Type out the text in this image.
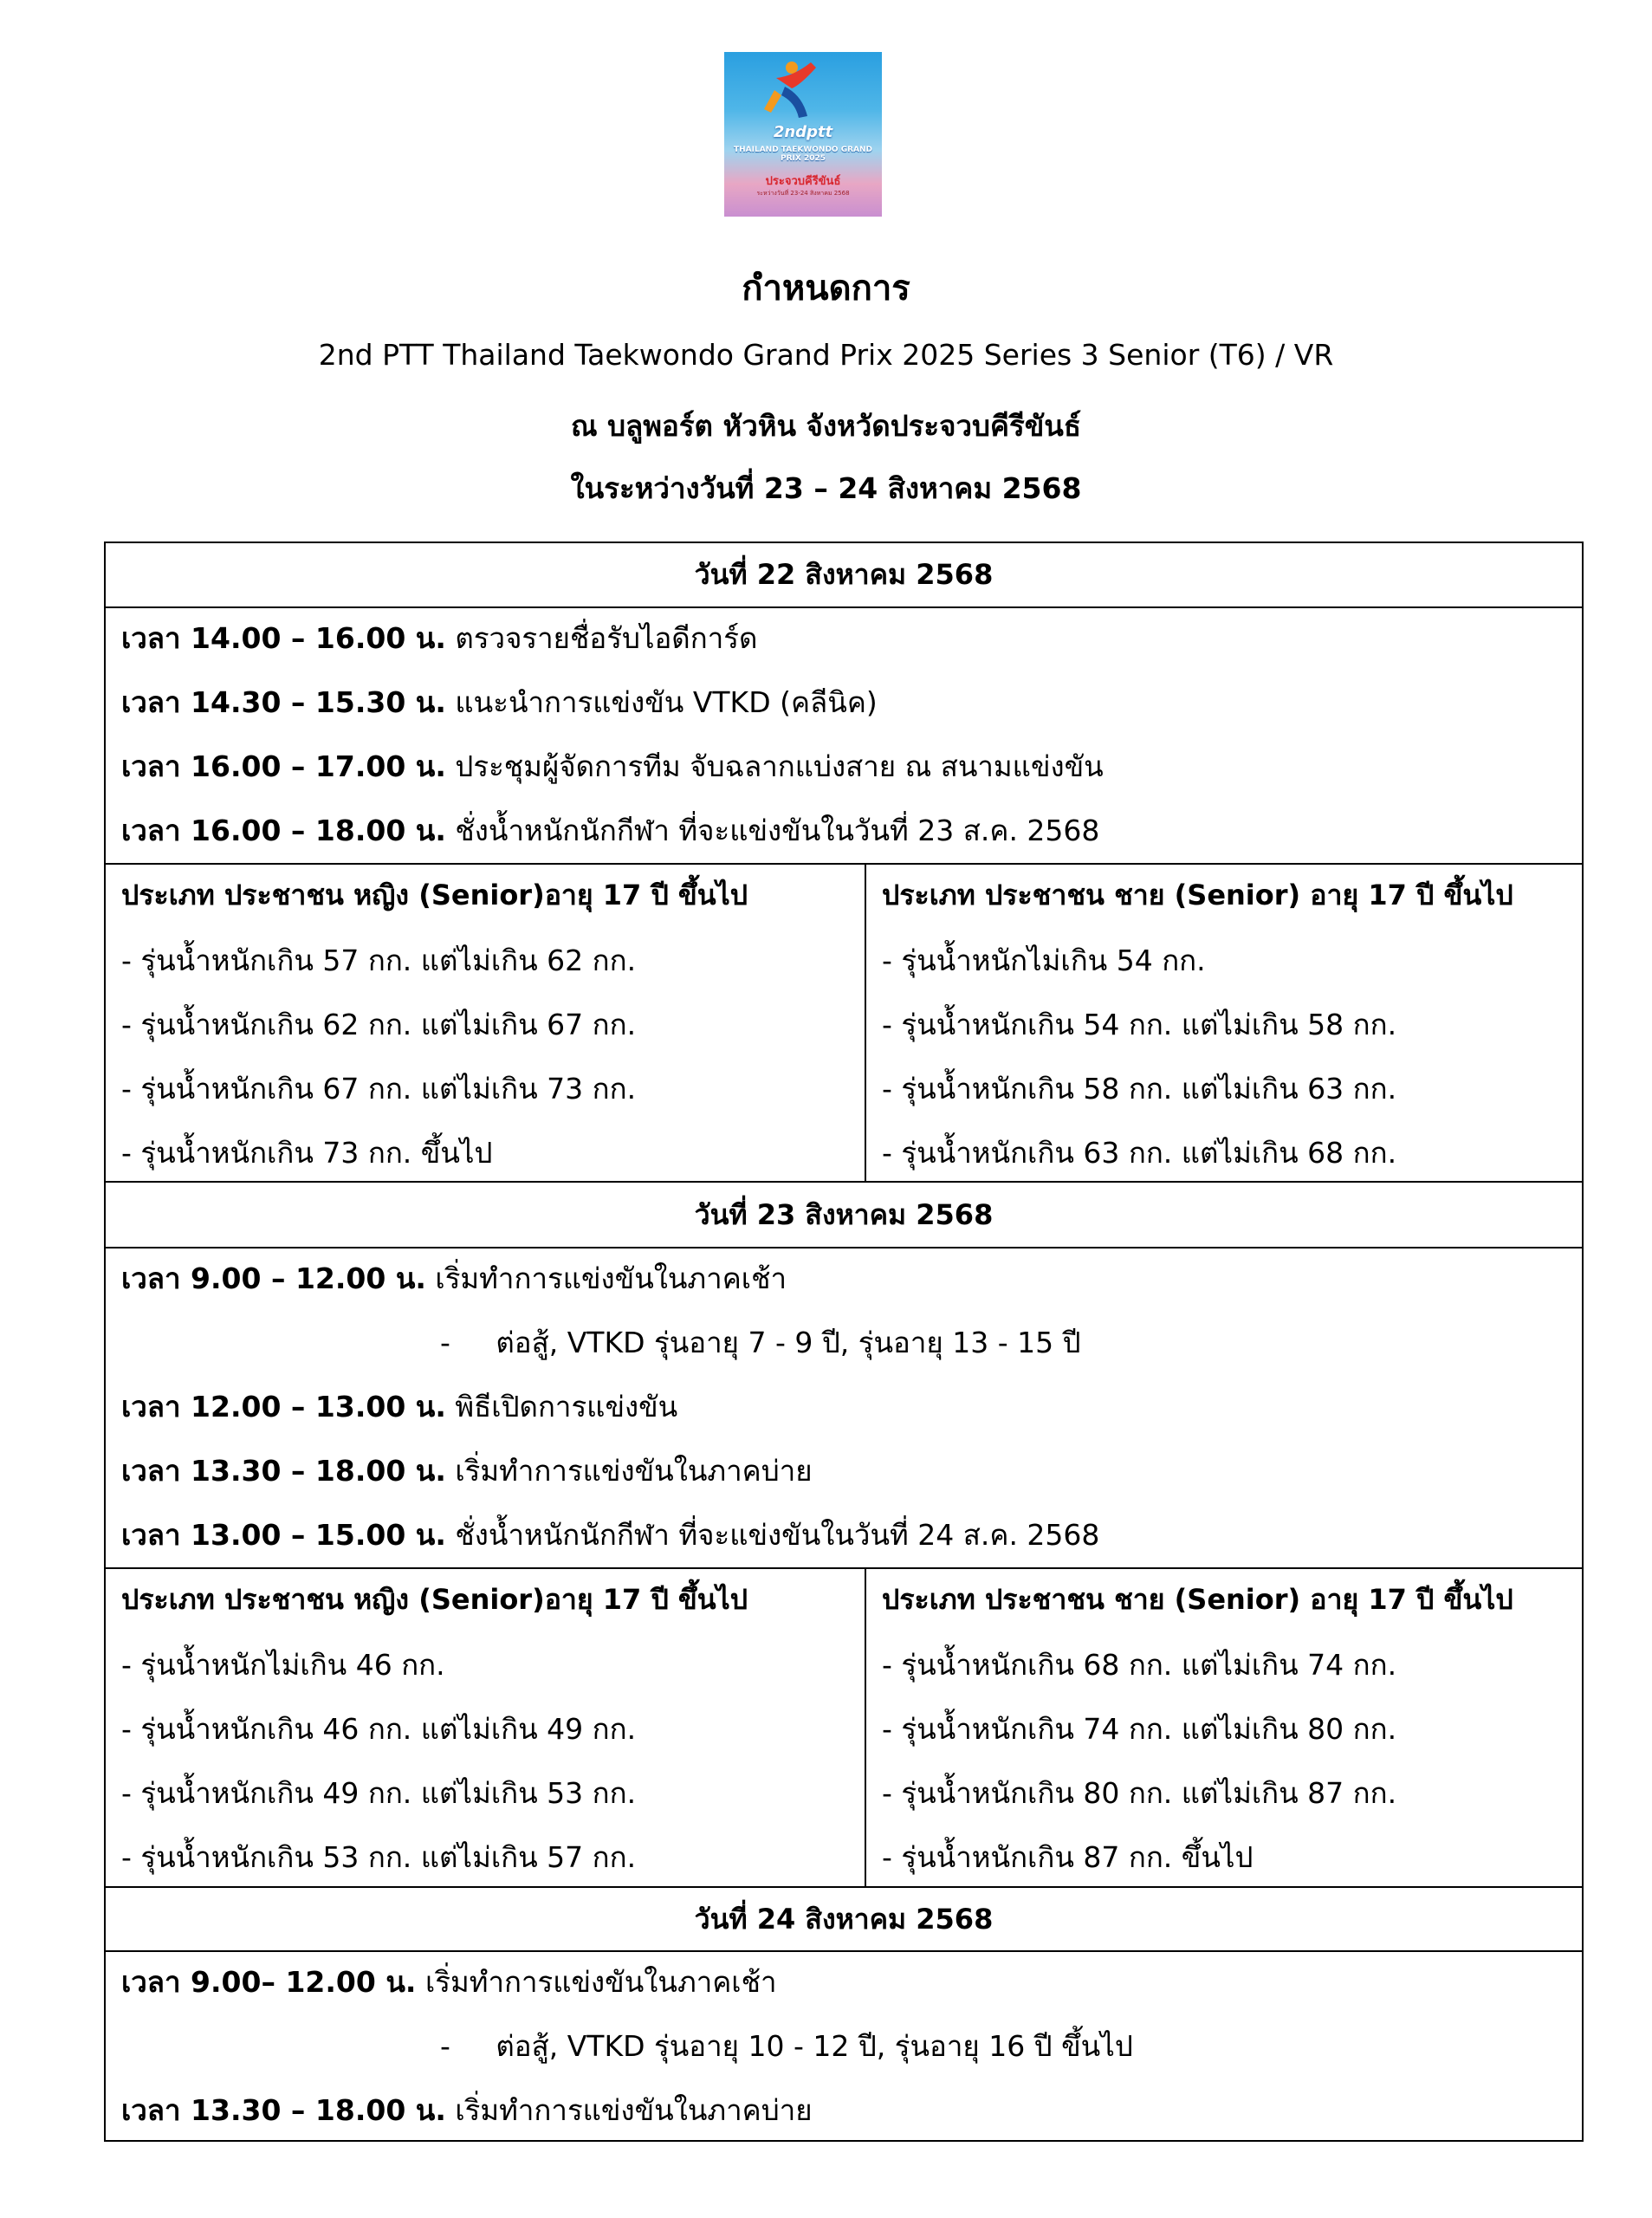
2ndptt
THAILAND TAEKWONDO GRAND PRIX 2025
ประจวบคีรีขันธ์
ระหว่างวันที่ 23-24 สิงหาคม 2568
กำหนดการ
2nd PTT Thailand Taekwondo Grand Prix 2025 Series 3 Senior (T6) / VR
ณ บลูพอร์ต หัวหิน จังหวัดประจวบคีรีขันธ์
ในระหว่างวันที่ 23 – 24 สิงหาคม 2568
วันที่ 22 สิงหาคม 2568
เวลา 14.00 – 16.00 น. ตรวจรายชื่อรับไอดีการ์ด
เวลา 14.30 – 15.30 น. แนะนำการแข่งขัน VTKD (คลีนิค)
เวลา 16.00 – 17.00 น. ประชุมผู้จัดการทีม จับฉลากแบ่งสาย ณ สนามแข่งขัน
เวลา 16.00 – 18.00 น. ชั่งน้ำหนักนักกีฬา ที่จะแข่งขันในวันที่ 23 ส.ค. 2568
ประเภท ประชาชน หญิง (Senior)อายุ 17 ปี ขึ้นไป
- รุ่นน้ำหนักเกิน 57 กก. แต่ไม่เกิน 62 กก.
- รุ่นน้ำหนักเกิน 62 กก. แต่ไม่เกิน 67 กก.
- รุ่นน้ำหนักเกิน 67 กก. แต่ไม่เกิน 73 กก.
- รุ่นน้ำหนักเกิน 73 กก. ขึ้นไป
ประเภท ประชาชน ชาย (Senior) อายุ 17 ปี ขึ้นไป
- รุ่นน้ำหนักไม่เกิน 54 กก.
- รุ่นน้ำหนักเกิน 54 กก. แต่ไม่เกิน 58 กก.
- รุ่นน้ำหนักเกิน 58 กก. แต่ไม่เกิน 63 กก.
- รุ่นน้ำหนักเกิน 63 กก. แต่ไม่เกิน 68 กก.
วันที่ 23 สิงหาคม 2568
เวลา 9.00 – 12.00 น. เริ่มทำการแข่งขันในภาคเช้า
-     ต่อสู้, VTKD รุ่นอายุ 7 - 9 ปี, รุ่นอายุ 13 - 15 ปี
เวลา 12.00 – 13.00 น. พิธีเปิดการแข่งขัน
เวลา 13.30 – 18.00 น. เริ่มทำการแข่งขันในภาคบ่าย
เวลา 13.00 – 15.00 น. ชั่งน้ำหนักนักกีฬา ที่จะแข่งขันในวันที่ 24 ส.ค. 2568
ประเภท ประชาชน หญิง (Senior)อายุ 17 ปี ขึ้นไป
- รุ่นน้ำหนักไม่เกิน 46 กก.
- รุ่นน้ำหนักเกิน 46 กก. แต่ไม่เกิน 49 กก.
- รุ่นน้ำหนักเกิน 49 กก. แต่ไม่เกิน 53 กก.
- รุ่นน้ำหนักเกิน 53 กก. แต่ไม่เกิน 57 กก.
ประเภท ประชาชน ชาย (Senior) อายุ 17 ปี ขึ้นไป
- รุ่นน้ำหนักเกิน 68 กก. แต่ไม่เกิน 74 กก.
- รุ่นน้ำหนักเกิน 74 กก. แต่ไม่เกิน 80 กก.
- รุ่นน้ำหนักเกิน 80 กก. แต่ไม่เกิน 87 กก.
- รุ่นน้ำหนักเกิน 87 กก. ขึ้นไป
วันที่ 24 สิงหาคม 2568
เวลา 9.00– 12.00 น. เริ่มทำการแข่งขันในภาคเช้า
-     ต่อสู้, VTKD รุ่นอายุ 10 - 12 ปี, รุ่นอายุ 16 ปี ขึ้นไป
เวลา 13.30 – 18.00 น. เริ่มทำการแข่งขันในภาคบ่าย
